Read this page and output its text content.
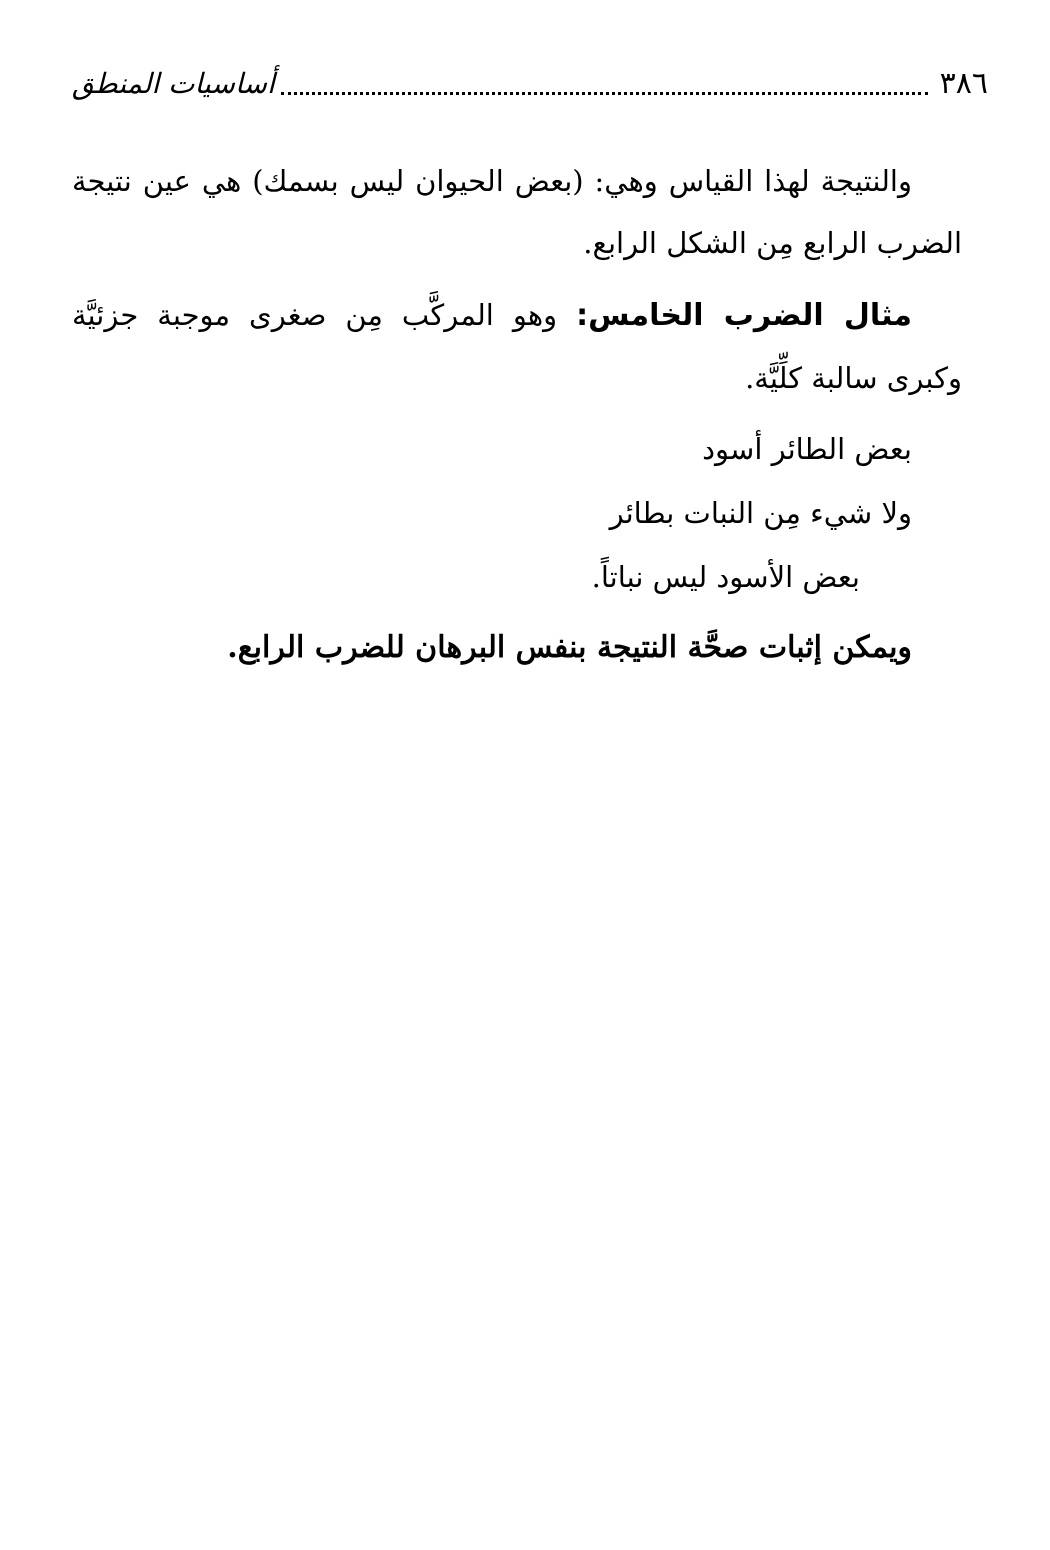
٣٨٦
أساسيات المنطق

والنتيجة لهذا القياس وهي: (بعض الحيوان ليس بسمك) هي عين نتيجة الضرب الرابع مِن الشكل الرابع.

مثال الضرب الخامس: وهو المركَّب مِن صغرى موجبة جزئيَّة وكبرى سالبة كلِّيَّة.

بعض الطائر أسود
ولا شيء مِن النبات بطائر
بعض الأسود ليس نباتاً.

ويمكن إثبات صحَّة النتيجة بنفس البرهان للضرب الرابع.
